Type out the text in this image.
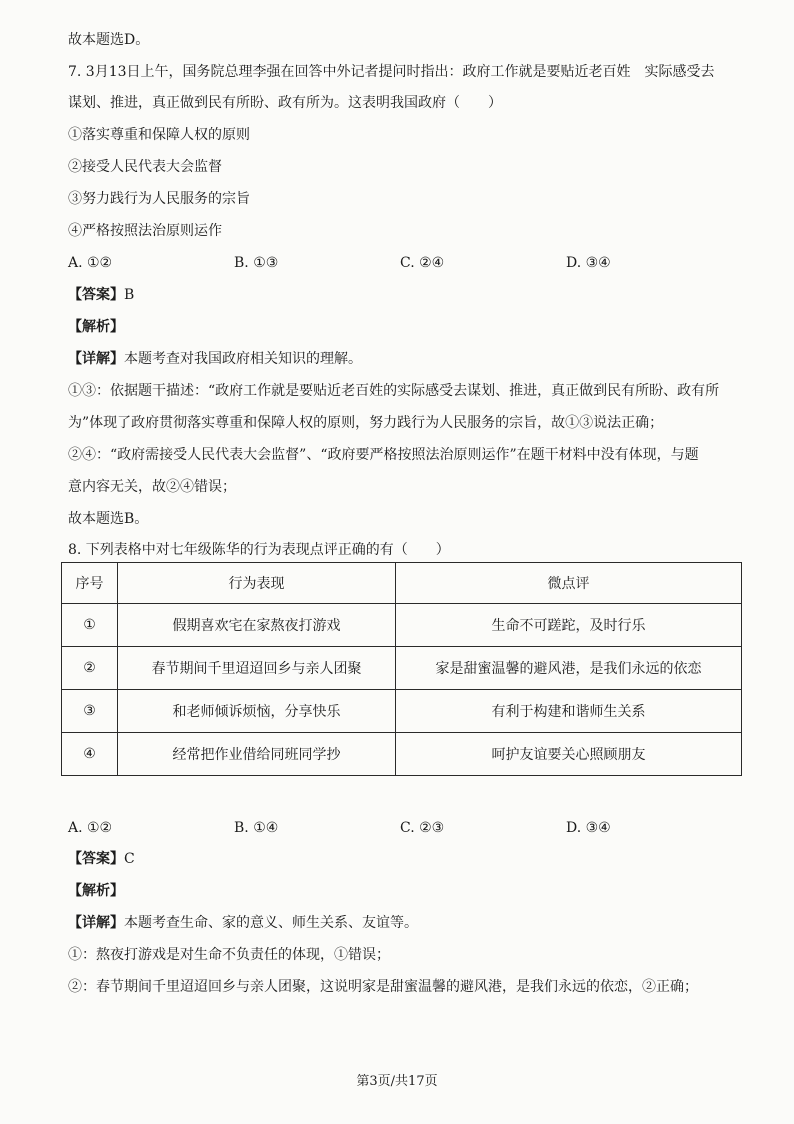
故本题选D。
7. 3月13日上午，国务院总理李强在回答中外记者提问时指出：政府工作就是要贴近老百姓　实际感受去
谋划、推进，真正做到民有所盼、政有所为。这表明我国政府（　　）
①落实尊重和保障人权的原则
②接受人民代表大会监督
③努力践行为人民服务的宗旨
④严格按照法治原则运作
A. ①②	B. ①③	C. ②④	D. ③④
【答案】B
【解析】
【详解】本题考查对我国政府相关知识的理解。
①③：依据题干描述：“政府工作就是要贴近老百姓的实际感受去谋划、推进，真正做到民有所盼、政有所
为”体现了政府贯彻落实尊重和保障人权的原则，努力践行为人民服务的宗旨，故①③说法正确；
②④：“政府需接受人民代表大会监督”、“政府要严格按照法治原则运作”在题干材料中没有体现，与题
意内容无关，故②④错误；
故本题选B。
8. 下列表格中对七年级陈华的行为表现点评正确的有（　　）
序号	行为表现	微点评
①	假期喜欢宅在家熬夜打游戏	生命不可蹉跎，及时行乐
②	春节期间千里迢迢回乡与亲人团聚	家是甜蜜温馨的避风港，是我们永远的依恋
③	和老师倾诉烦恼，分享快乐	有利于构建和谐师生关系
④	经常把作业借给同班同学抄	呵护友谊要关心照顾朋友
A. ①②	B. ①④	C. ②③	D. ③④
【答案】C
【解析】
【详解】本题考查生命、家的意义、师生关系、友谊等。
①：熬夜打游戏是对生命不负责任的体现，①错误；
②：春节期间千里迢迢回乡与亲人团聚，这说明家是甜蜜温馨的避风港，是我们永远的依恋，②正确；
第3页/共17页
